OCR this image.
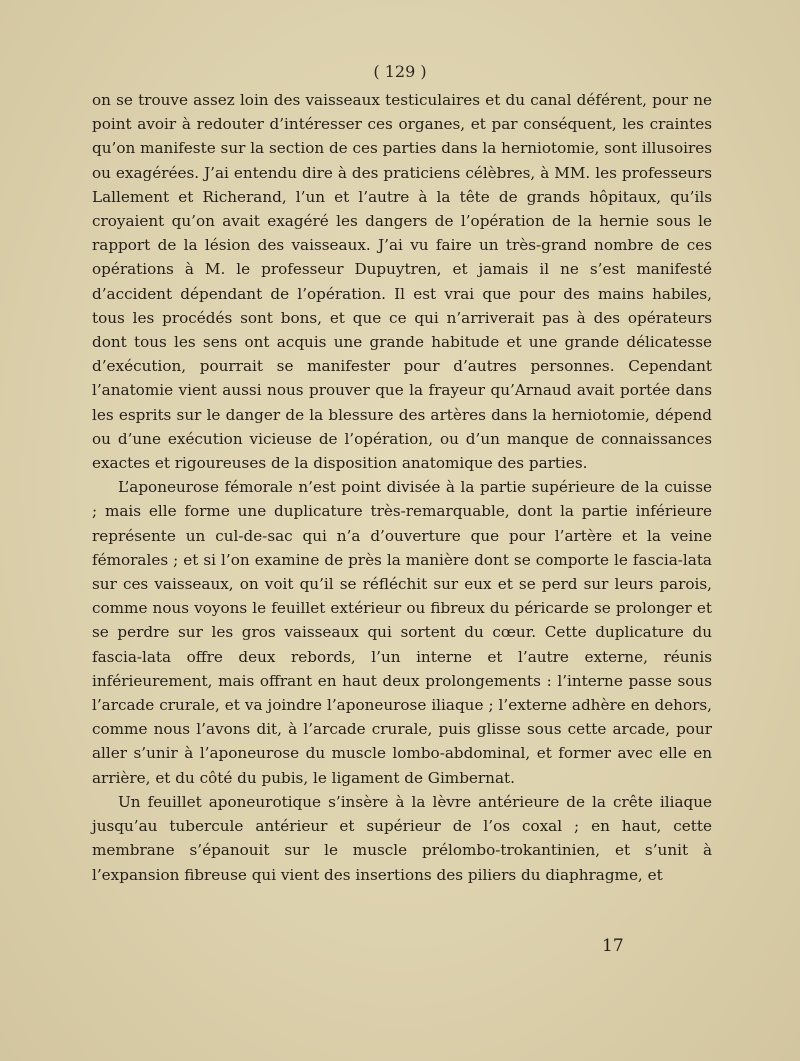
( 129 )

on se trouve assez loin des vaisseaux testiculaires et du canal déférent, pour ne point avoir à redouter d’intéresser ces organes, et par conséquent, les craintes qu’on manifeste sur la section de ces parties dans la herniotomie, sont illusoires ou exagérées. J’ai entendu dire à des praticiens célèbres, à MM. les professeurs Lallement et Richerand, l’un et l’autre à la tête de grands hôpitaux, qu’ils croyaient qu’on avait exagéré les dangers de l’opération de la hernie sous le rapport de la lésion des vaisseaux. J’ai vu faire un très-grand nombre de ces opérations à M. le professeur Dupuytren, et jamais il ne s’est manifesté d’accident dépendant de l’opération. Il est vrai que pour des mains habiles, tous les procédés sont bons, et que ce qui n’arriverait pas à des opérateurs dont tous les sens ont acquis une grande habitude et une grande délicatesse d’exécution, pourrait se manifester pour d’autres personnes. Cependant l’anatomie vient aussi nous prouver que la frayeur qu’Arnaud avait portée dans les esprits sur le danger de la blessure des artères dans la herniotomie, dépend ou d’une exécution vicieuse de l’opération, ou d’un manque de connaissances exactes et rigoureuses de la disposition anatomique des parties.

L’aponeurose fémorale n’est point divisée à la partie supérieure de la cuisse ; mais elle forme une duplicature très-remarquable, dont la partie inférieure représente un cul-de-sac qui n’a d’ouverture que pour l’artère et la veine fémorales ; et si l’on examine de près la manière dont se comporte le fascia-lata sur ces vaisseaux, on voit qu’il se réfléchit sur eux et se perd sur leurs parois, comme nous voyons le feuillet extérieur ou fibreux du péricarde se prolonger et se perdre sur les gros vaisseaux qui sortent du cœur. Cette duplicature du fascia-lata offre deux rebords, l’un interne et l’autre externe, réunis inférieurement, mais offrant en haut deux prolongements : l’interne passe sous l’arcade crurale, et va joindre l’aponeurose iliaque ; l’externe adhère en dehors, comme nous l’avons dit, à l’arcade crurale, puis glisse sous cette arcade, pour aller s’unir à l’aponeurose du muscle lombo-abdominal, et former avec elle en arrière, et du côté du pubis, le ligament de Gimbernat.

Un feuillet aponeurotique s’insère à la lèvre antérieure de la crête iliaque jusqu’au tubercule antérieur et supérieur de l’os coxal ; en haut, cette membrane s’épanouit sur le muscle prélombo-trokantinien, et s’unit à l’expansion fibreuse qui vient des insertions des piliers du diaphragme, et

17
